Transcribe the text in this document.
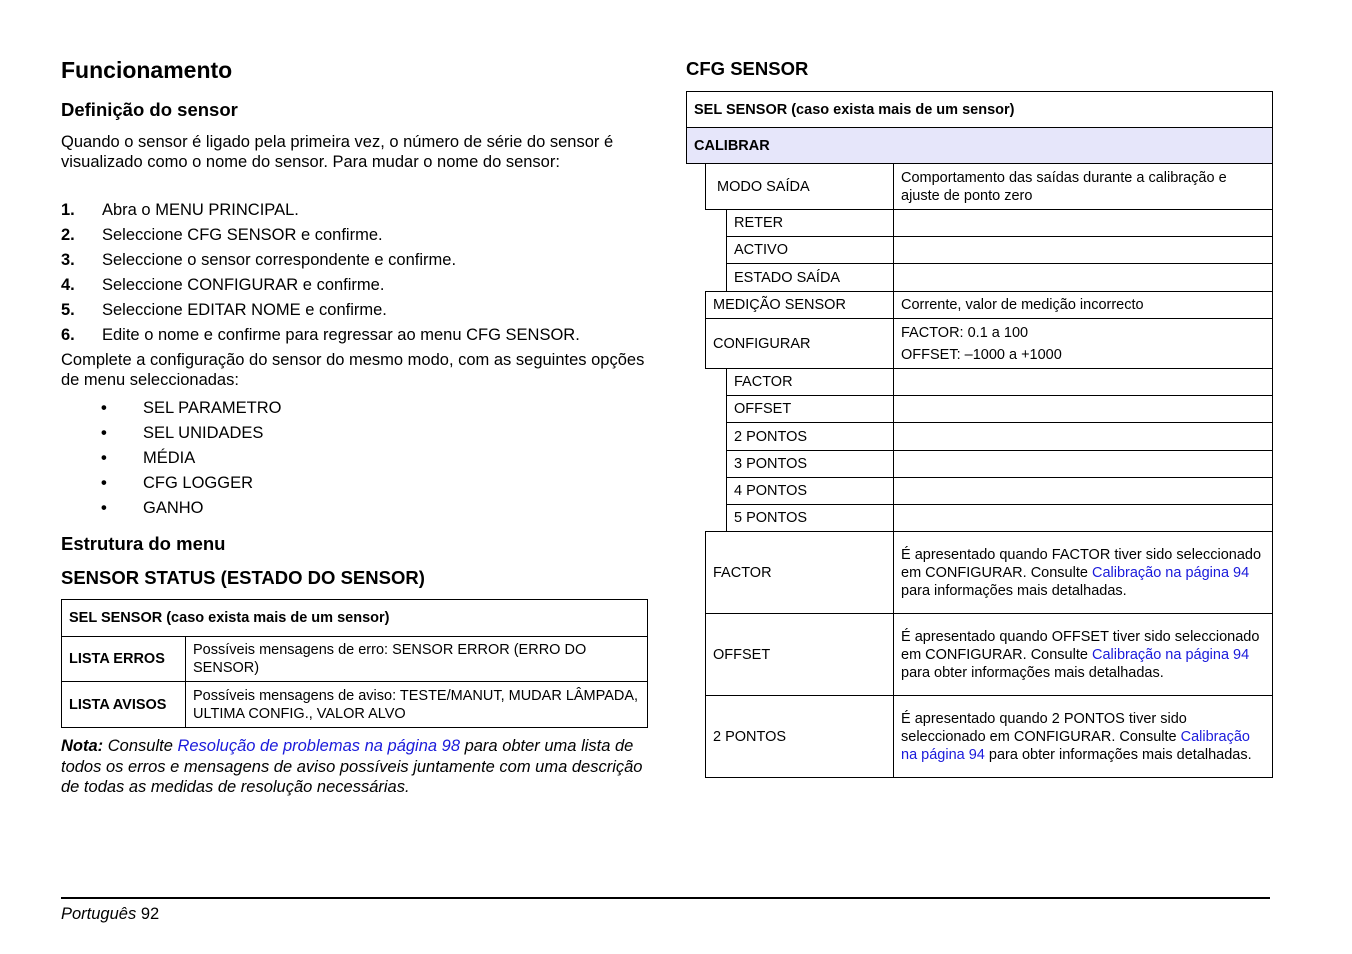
Funcionamento
Definição do sensor

Quando o sensor é ligado pela primeira vez, o número de série do sensor é visualizado como o nome do sensor. Para mudar o nome do sensor:

1. Abra o MENU PRINCIPAL.
2. Seleccione CFG SENSOR e confirme.
3. Seleccione o sensor correspondente e confirme.
4. Seleccione CONFIGURAR e confirme.
5. Seleccione EDITAR NOME e confirme.
6. Edite o nome e confirme para regressar ao menu CFG SENSOR.

Complete a configuração do sensor do mesmo modo, com as seguintes opções de menu seleccionadas:

• SEL PARAMETRO
• SEL UNIDADES
• MÉDIA
• CFG LOGGER
• GANHO
Estrutura do menu
SENSOR STATUS (ESTADO DO SENSOR)
SEL SENSOR (caso exista mais de um sensor)
LISTA ERROS
Possíveis mensagens de erro: SENSOR ERROR (ERRO DO SENSOR)
LISTA AVISOS
Possíveis mensagens de aviso: TESTE/MANUT, MUDAR LÂMPADA, ULTIMA CONFIG., VALOR ALVO

Nota: Consulte Resolução de problemas na página 98 para obter uma lista de todos os erros e mensagens de aviso possíveis juntamente com uma descrição de todas as medidas de resolução necessárias.

CFG SENSOR
SEL SENSOR (caso exista mais de um sensor)
CALIBRAR
MODO SAÍDA
Comportamento das saídas durante a calibração e ajuste de ponto zero
RETER
ACTIVO
ESTADO SAÍDA
MEDIÇÃO SENSOR	Corrente, valor de medição incorrecto
CONFIGURAR
FACTOR: 0.1 a 100
OFFSET: –1000 a +1000
FACTOR
OFFSET
2 PONTOS
3 PONTOS
4 PONTOS
5 PONTOS
FACTOR
É apresentado quando FACTOR tiver sido seleccionado em CONFIGURAR. Consulte Calibração na página 94 para informações mais detalhadas.
OFFSET
É apresentado quando OFFSET tiver sido seleccionado em CONFIGURAR. Consulte Calibração na página 94 para obter informações mais detalhadas.
2 PONTOS
É apresentado quando 2 PONTOS tiver sido seleccionado em CONFIGURAR. Consulte Calibração na página 94 para obter informações mais detalhadas.
Português 92
